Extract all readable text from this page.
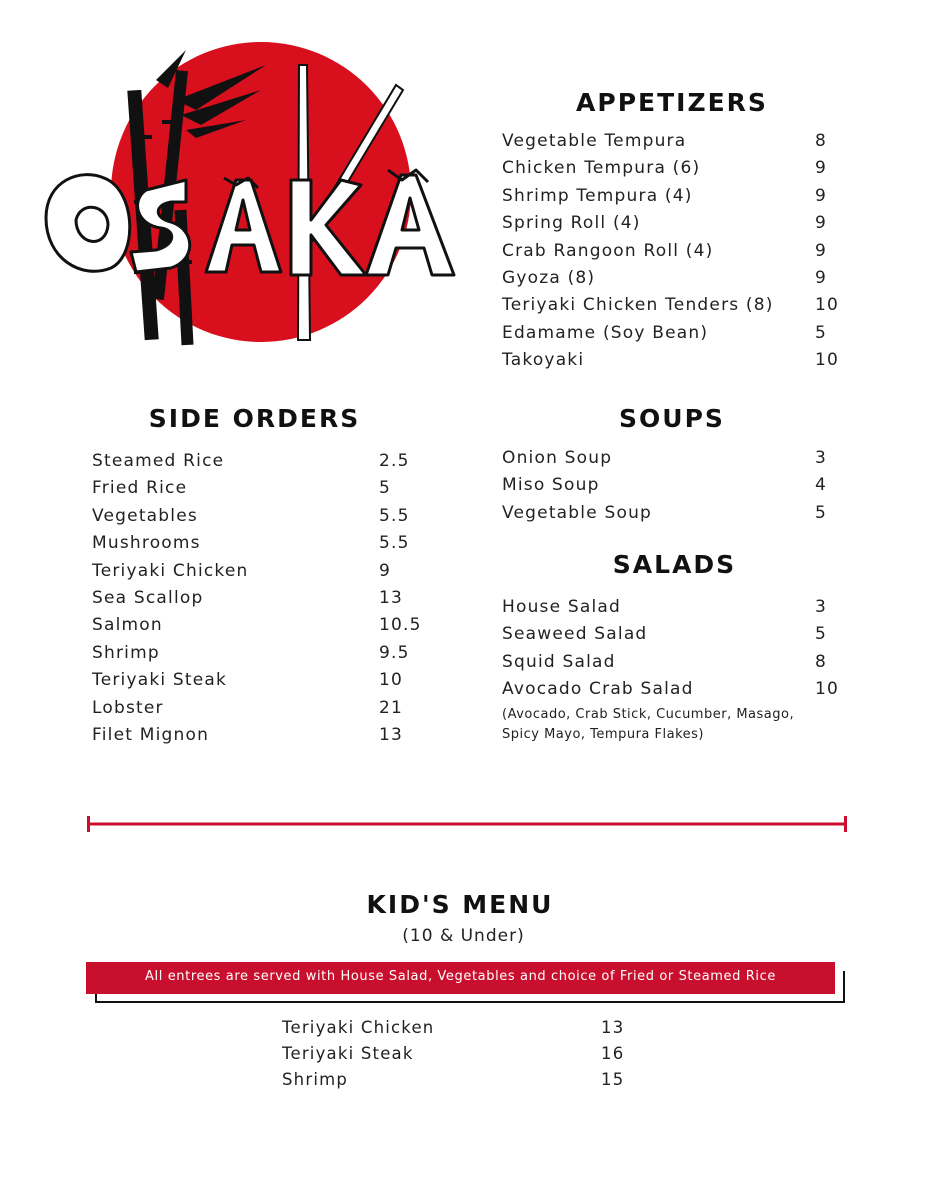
APPETIZERS
Vegetable Tempura	8
Chicken Tempura (6)	9
Shrimp Tempura (4)	9
Spring Roll (4)	9
Crab Rangoon Roll (4)	9
Gyoza (8)	9
Teriyaki Chicken Tenders (8) 10
Edamame (Soy Bean)	5
Takoyaki	10
SIDE ORDERS
Steamed Rice	2.5
Fried Rice	5
Vegetables	5.5
Mushrooms	5.5
Teriyaki Chicken	9
Sea Scallop	13
Salmon	10.5
Shrimp	9.5
Teriyaki Steak	10
Lobster	21
Filet Mignon	13
SOUPS
Onion Soup	3
Miso Soup	4
Vegetable Soup	5
SALADS
House Salad	3
Seaweed Salad	5
Squid Salad	8
Avocado Crab Salad	10
(Avocado, Crab Stick, Cucumber, Masago, Spicy Mayo, Tempura Flakes)
KID'S MENU
(10 & Under)
All entrees are served with House Salad, Vegetables and choice of Fried or Steamed Rice
Teriyaki Chicken	13
Teriyaki Steak	16
Shrimp	15
